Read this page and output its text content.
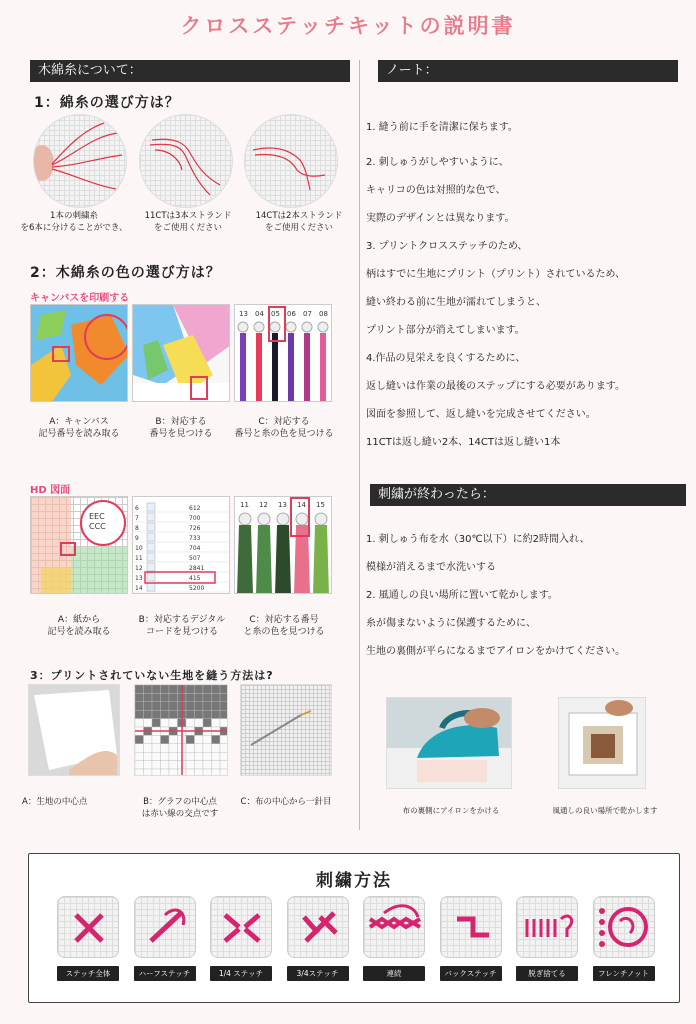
クロスステッチキットの説明書
木綿糸について：
1：綿糸の選び方は？
1本の刺繍糸
を6本に分けることができ、
11CTは3本ストランド
をご使用ください
14CTは2本ストランド
をご使用ください
2：木綿糸の色の選び方は？
キャンバスを印刷する
13 04 05 06 07 08
A：キャンバス
記号番号を読み取る
B：対応する
番号を見つける
C：対応する
番号と糸の色を見つける
HD 図面
EEC
CCC
6	612
7	700
8	726
9	733
10	704
11	507
12	2841
13	415
14	5200
11 12 13 14 15
A：紙から
記号を読み取る
B：対応するデジタル
コードを見つける
C：対応する番号
と糸の色を見つける
3：プリントされていない生地を縫う方法は?
A：生地の中心点	B：グラフの中心点
は赤い線の交点です
C：布の中心から一針目
ノート：
1. 縫う前に手を清潔に保ちます。
2. 刺しゅうがしやすいように、
キャリコの色は対照的な色で、
実際のデザインとは異なります。
3. プリントクロスステッチのため、
柄はすでに生地にプリント（プリント）されているため、
縫い終わる前に生地が濡れてしまうと、
プリント部分が消えてしまいます。
4.作品の見栄えを良くするために、
返し縫いは作業の最後のステップにする必要があります。
図面を参照して、返し縫いを完成させてください。
11CTは返し縫い2本、14CTは返し縫い1本
刺繍が終わったら：
1. 刺しゅう布を水（30℃以下）に約2時間入れ、
模様が消えるまで水洗いする
2. 風通しの良い場所に置いて乾かします。
糸が傷まないように保護するために、
生地の裏側が平らになるまでアイロンをかけてください。
布の裏側にアイロンをかける	風通しの良い場所で乾かします
刺繍方法
ステッチ全体	ハーフステッチ	1/4 ステッチ	3/4ステッチ	連続	バックステッチ	脱ぎ捨てる	フレンチノット
